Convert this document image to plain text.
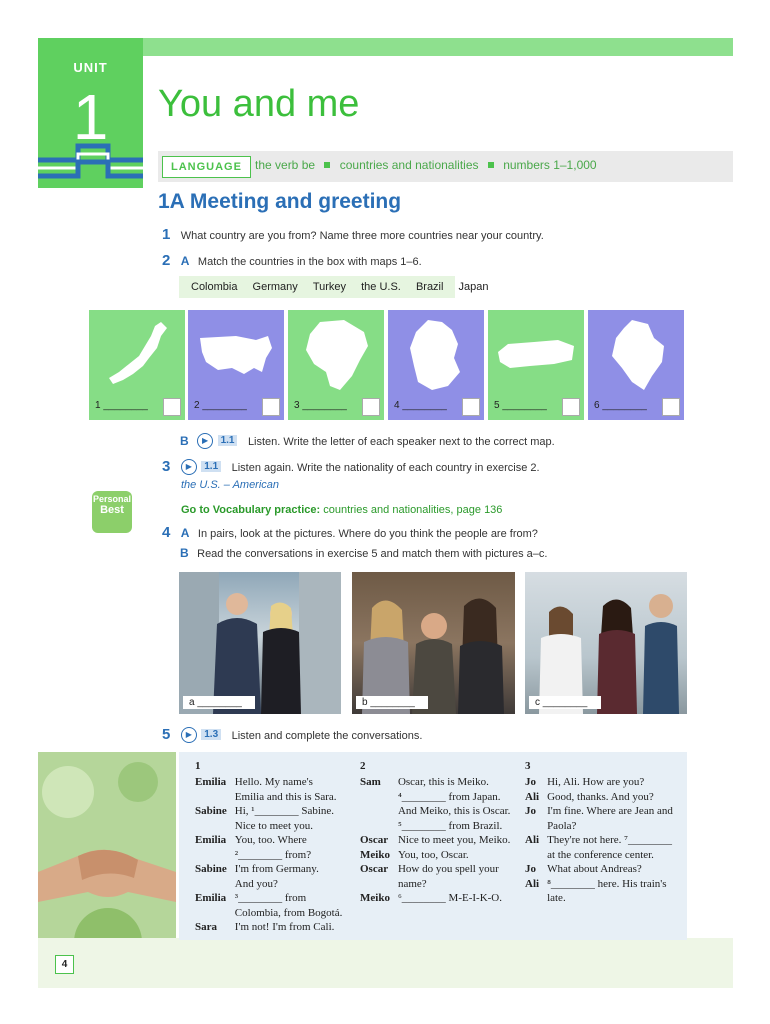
UNIT
1	You and me
LANGUAGE	the verb be countries and nationalities numbers 1–1,000
1A Meeting and greeting
1 What country are you from? Name three more countries near your country.
2 A Match the countries in the box with maps 1–6.
Colombia Germany Turkey the U.S. Brazil Japan
1 ________	2 ________	3 ________	4 ________	5 ________	6 ________
B ▶ 1.1 Listen. Write the letter of each speaker next to the correct map.
3 ▶ 1.1 Listen again. Write the nationality of each country in exercise 2.
the U.S. – American
Personal
Best	Go to Vocabulary practice: countries and nationalities, page 136
4 A In pairs, look at the pictures. Where do you think the people are from?
B Read the conversations in exercise 5 and match them with pictures a–c.
a ________	b ________	c ________
5 ▶ 1.3 Listen and complete the conversations.
1
Emilia	Hello. My name's
	Emilia and this is Sara.
Sabine	Hi, ¹________ Sabine.
	Nice to meet you.
Emilia	You, too. Where
	²________ from?
Sabine	I'm from Germany.
	And you?
Emilia	³________ from
	Colombia, from Bogotá.
Sara	I'm not! I'm from Cali.
2
Sam	Oscar, this is Meiko.
	⁴________ from Japan.
	And Meiko, this is Oscar.
	⁵________ from Brazil.
Oscar	Nice to meet you, Meiko.
Meiko	You, too, Oscar.
Oscar	How do you spell your
	name?
Meiko	⁶________ M-E-I-K-O.
3
Jo	Hi, Ali. How are you?
Ali	Good, thanks. And you?
Jo	I'm fine. Where are Jean and
	Paola?
Ali	They're not here. ⁷________
	at the conference center.
Jo	What about Andreas?
Ali	⁸________ here. His train's
	late.
4
